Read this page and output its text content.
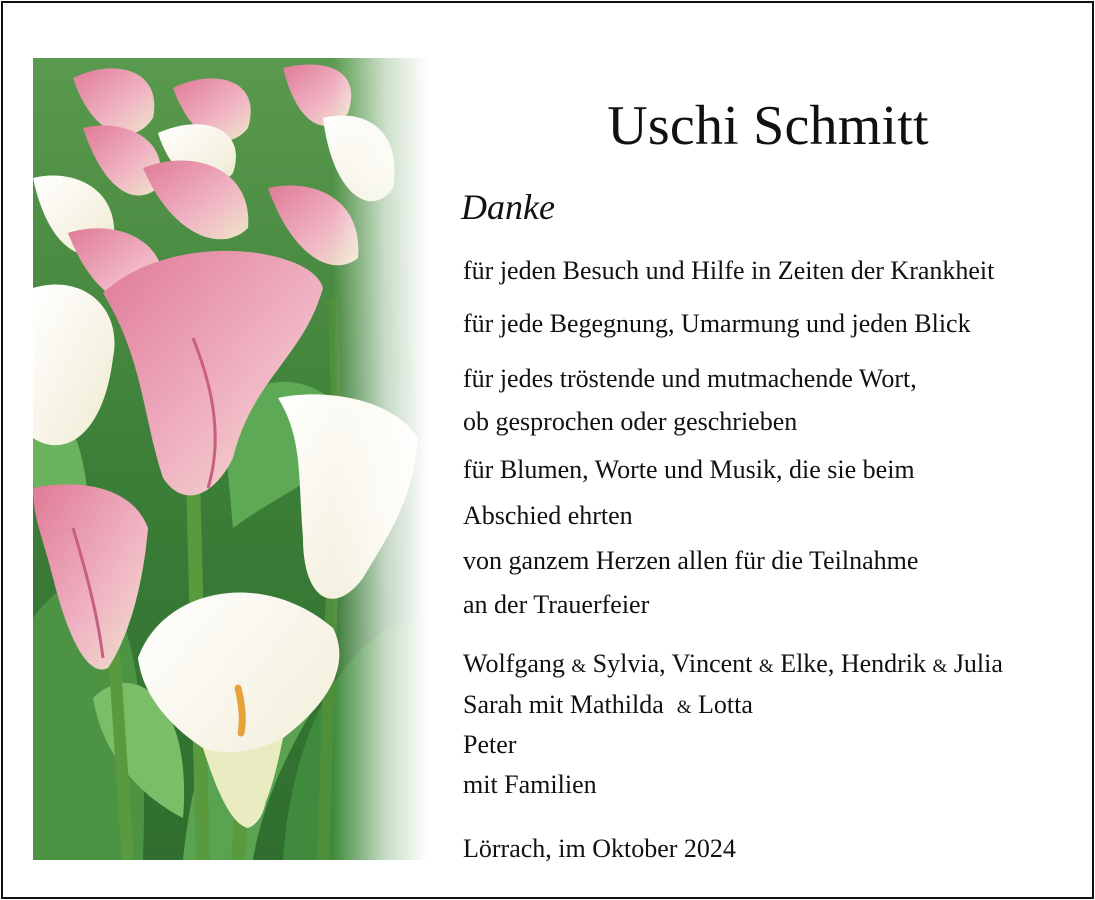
Uschi Schmitt
Danke

für jeden Besuch und Hilfe in Zeiten der Krankheit

für jede Begegnung, Umarmung und jeden Blick

für jedes tröstende und mutmachende Wort,

ob gesprochen oder geschrieben

für Blumen, Worte und Musik, die sie beim

Abschied ehrten

von ganzem Herzen allen für die Teilnahme

an der Trauerfeier

Wolfgang & Sylvia, Vincent & Elke, Hendrik & Julia

Sarah mit Mathilda & Lotta

Peter

mit Familien

Lörrach, im Oktober 2024
